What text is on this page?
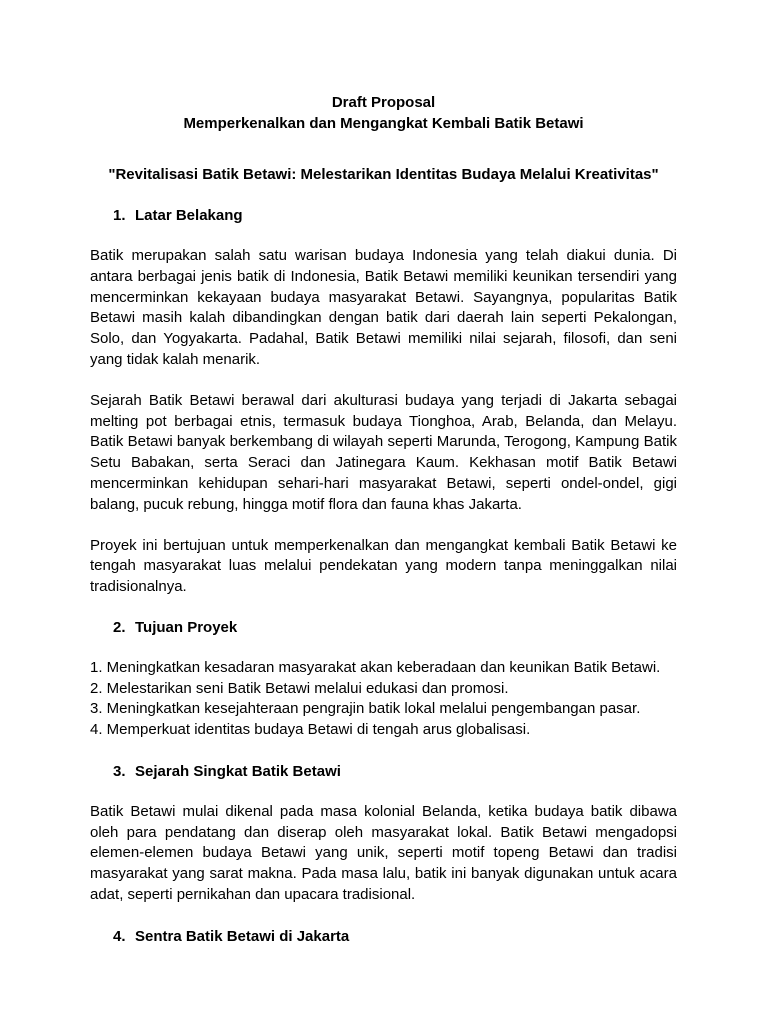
Draft Proposal
Memperkenalkan dan Mengangkat Kembali Batik Betawi
"Revitalisasi Batik Betawi: Melestarikan Identitas Budaya Melalui Kreativitas"
1. Latar Belakang
Batik merupakan salah satu warisan budaya Indonesia yang telah diakui dunia. Di antara berbagai jenis batik di Indonesia, Batik Betawi memiliki keunikan tersendiri yang mencerminkan kekayaan budaya masyarakat Betawi. Sayangnya, popularitas Batik Betawi masih kalah dibandingkan dengan batik dari daerah lain seperti Pekalongan, Solo, dan Yogyakarta. Padahal, Batik Betawi memiliki nilai sejarah, filosofi, dan seni yang tidak kalah menarik.
Sejarah Batik Betawi berawal dari akulturasi budaya yang terjadi di Jakarta sebagai melting pot berbagai etnis, termasuk budaya Tionghoa, Arab, Belanda, dan Melayu. Batik Betawi banyak berkembang di wilayah seperti Marunda, Terogong, Kampung Batik Setu Babakan, serta Seraci dan Jatinegara Kaum. Kekhasan motif Batik Betawi mencerminkan kehidupan sehari-hari masyarakat Betawi, seperti ondel-ondel, gigi balang, pucuk rebung, hingga motif flora dan fauna khas Jakarta.
Proyek ini bertujuan untuk memperkenalkan dan mengangkat kembali Batik Betawi ke tengah masyarakat luas melalui pendekatan yang modern tanpa meninggalkan nilai tradisionalnya.
2. Tujuan Proyek
1. Meningkatkan kesadaran masyarakat akan keberadaan dan keunikan Batik Betawi.
2. Melestarikan seni Batik Betawi melalui edukasi dan promosi.
3. Meningkatkan kesejahteraan pengrajin batik lokal melalui pengembangan pasar.
4. Memperkuat identitas budaya Betawi di tengah arus globalisasi.
3. Sejarah Singkat Batik Betawi
Batik Betawi mulai dikenal pada masa kolonial Belanda, ketika budaya batik dibawa oleh para pendatang dan diserap oleh masyarakat lokal. Batik Betawi mengadopsi elemen-elemen budaya Betawi yang unik, seperti motif topeng Betawi dan tradisi masyarakat yang sarat makna. Pada masa lalu, batik ini banyak digunakan untuk acara adat, seperti pernikahan dan upacara tradisional.
4. Sentra Batik Betawi di Jakarta
